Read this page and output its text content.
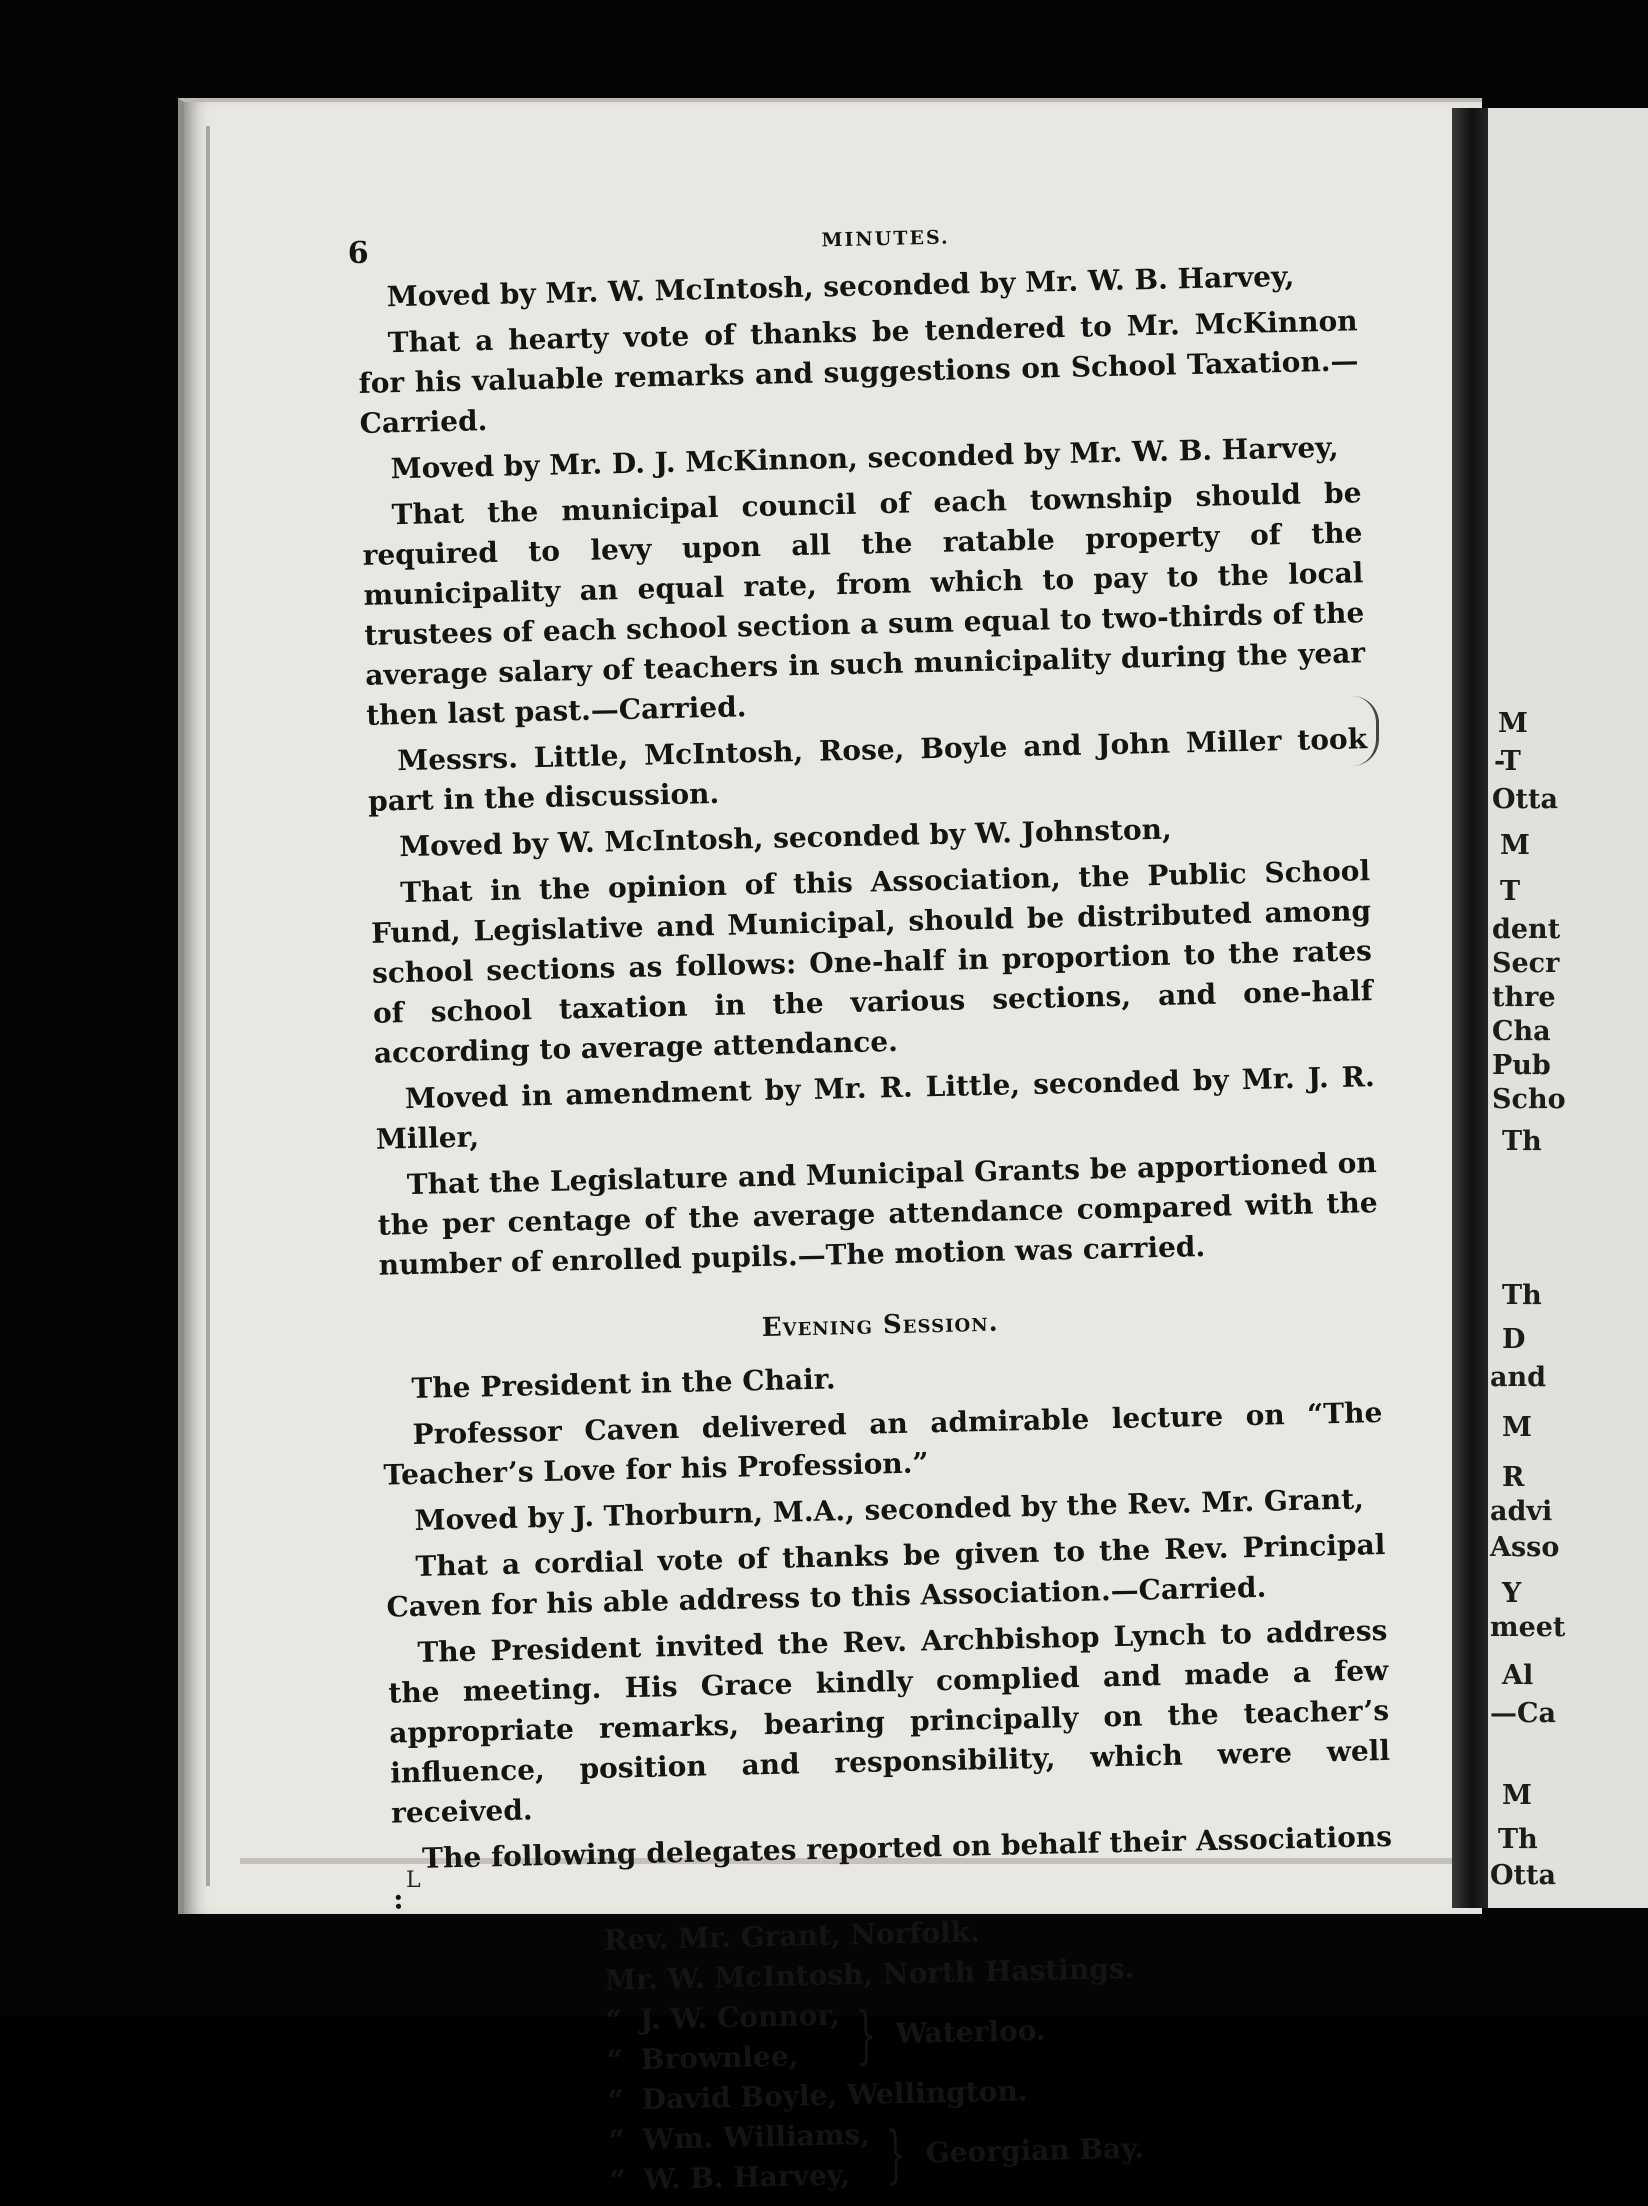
M
-T
Otta
M
T
dent
Secr
thre
Cha
Pub
Scho
Th
Th
D
and
M
R
advi
Asso
Y
meet
Al
—Ca
M
Th
Otta
L
6	MINUTES.

Moved by Mr. W. McIntosh, seconded by Mr. W. B. Harvey,

That a hearty vote of thanks be tendered to Mr. McKinnon for his valuable remarks and suggestions on School Taxation.—Carried.

Moved by Mr. D. J. McKinnon, seconded by Mr. W. B. Harvey,

That the municipal council of each township should be required to levy upon all the ratable property of the municipality an equal rate, from which to pay to the local trustees of each school section a sum equal to two-thirds of the average salary of teachers in such municipality during the year then last past.—Carried.

Messrs. Little, McIntosh, Rose, Boyle and John Miller took part in the discussion.

Moved by W. McIntosh, seconded by W. Johnston,

That in the opinion of this Association, the Public School Fund, Legislative and Municipal, should be distributed among school sections as follows: One-half in proportion to the rates of school taxation in the various sections, and one-half according to average attendance.

Moved in amendment by Mr. R. Little, seconded by Mr. J. R. Miller,

That the Legislature and Municipal Grants be apportioned on the per centage of the average attendance compared with the number of enrolled pupils.—The motion was carried.

Evening Session.

The President in the Chair.

Professor Caven delivered an admirable lecture on “The Teacher’s Love for his Profession.”

Moved by J. Thorburn, M.A., seconded by the Rev. Mr. Grant,

That a cordial vote of thanks be given to the Rev. Principal Caven for his able address to this Association.—Carried.

The President invited the Rev. Archbishop Lynch to address the meeting. His Grace kindly complied and made a few appropriate remarks, bearing principally on the teacher’s influence, position and responsibility, which were well received.

The following delegates reported on behalf their Associations :

Rev. Mr. Grant, Norfolk.
Mr. W. McIntosh, North Hastings.
“ J. W. Connor,
“ Brownlee, } Waterloo.
“ David Boyle, Wellington.
“ Wm. Williams,
“ W. B. Harvey, } Georgian Bay.
